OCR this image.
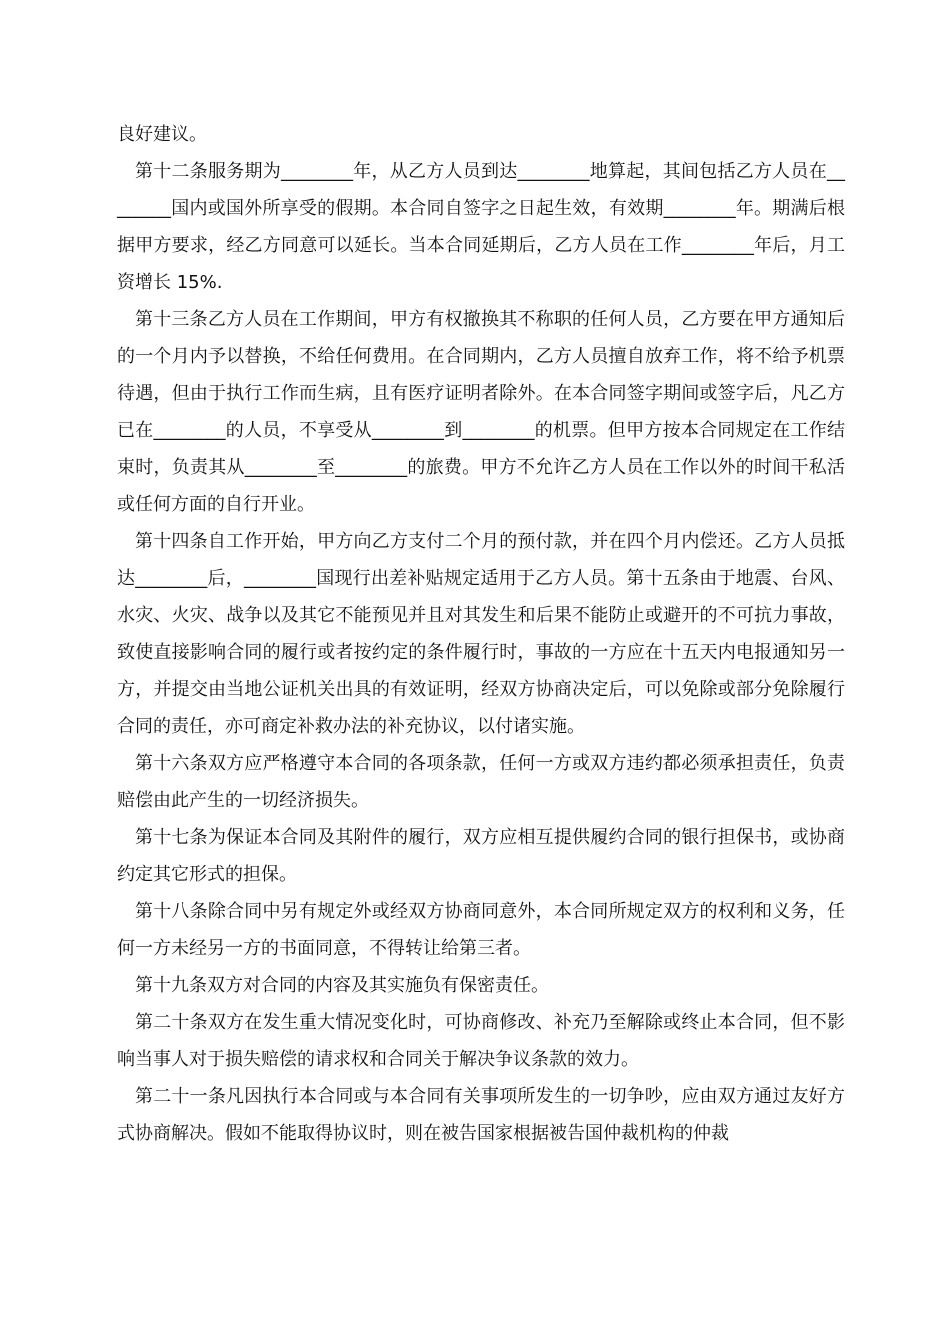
良好建议。

第十二条服务期为________年，从乙方人员到达________地算起，其间包括乙方人员在________国内或国外所享受的假期。本合同自签字之日起生效，有效期________年。期满后根据甲方要求，经乙方同意可以延长。当本合同延期后，乙方人员在工作________年后，月工资增长 15%.

第十三条乙方人员在工作期间，甲方有权撤换其不称职的任何人员，乙方要在甲方通知后的一个月内予以替换，不给任何费用。在合同期内，乙方人员擅自放弃工作，将不给予机票待遇，但由于执行工作而生病，且有医疗证明者除外。在本合同签字期间或签字后，凡乙方已在________的人员，不享受从________到________的机票。但甲方按本合同规定在工作结束时，负责其从________至________的旅费。甲方不允许乙方人员在工作以外的时间干私活或任何方面的自行开业。

第十四条自工作开始，甲方向乙方支付二个月的预付款，并在四个月内偿还。乙方人员抵达________后，________国现行出差补贴规定适用于乙方人员。第十五条由于地震、台风、水灾、火灾、战争以及其它不能预见并且对其发生和后果不能防止或避开的不可抗力事故，致使直接影响合同的履行或者按约定的条件履行时，事故的一方应在十五天内电报通知另一方，并提交由当地公证机关出具的有效证明，经双方协商决定后，可以免除或部分免除履行合同的责任，亦可商定补救办法的补充协议，以付诸实施。

第十六条双方应严格遵守本合同的各项条款，任何一方或双方违约都必须承担责任，负责赔偿由此产生的一切经济损失。

第十七条为保证本合同及其附件的履行，双方应相互提供履约合同的银行担保书，或协商约定其它形式的担保。

第十八条除合同中另有规定外或经双方协商同意外，本合同所规定双方的权利和义务，任何一方未经另一方的书面同意，不得转让给第三者。

第十九条双方对合同的内容及其实施负有保密责任。

第二十条双方在发生重大情况变化时，可协商修改、补充乃至解除或终止本合同，但不影响当事人对于损失赔偿的请求权和合同关于解决争议条款的效力。

第二十一条凡因执行本合同或与本合同有关事项所发生的一切争吵，应由双方通过友好方式协商解决。假如不能取得协议时，则在被告国家根据被告国仲裁机构的仲裁
